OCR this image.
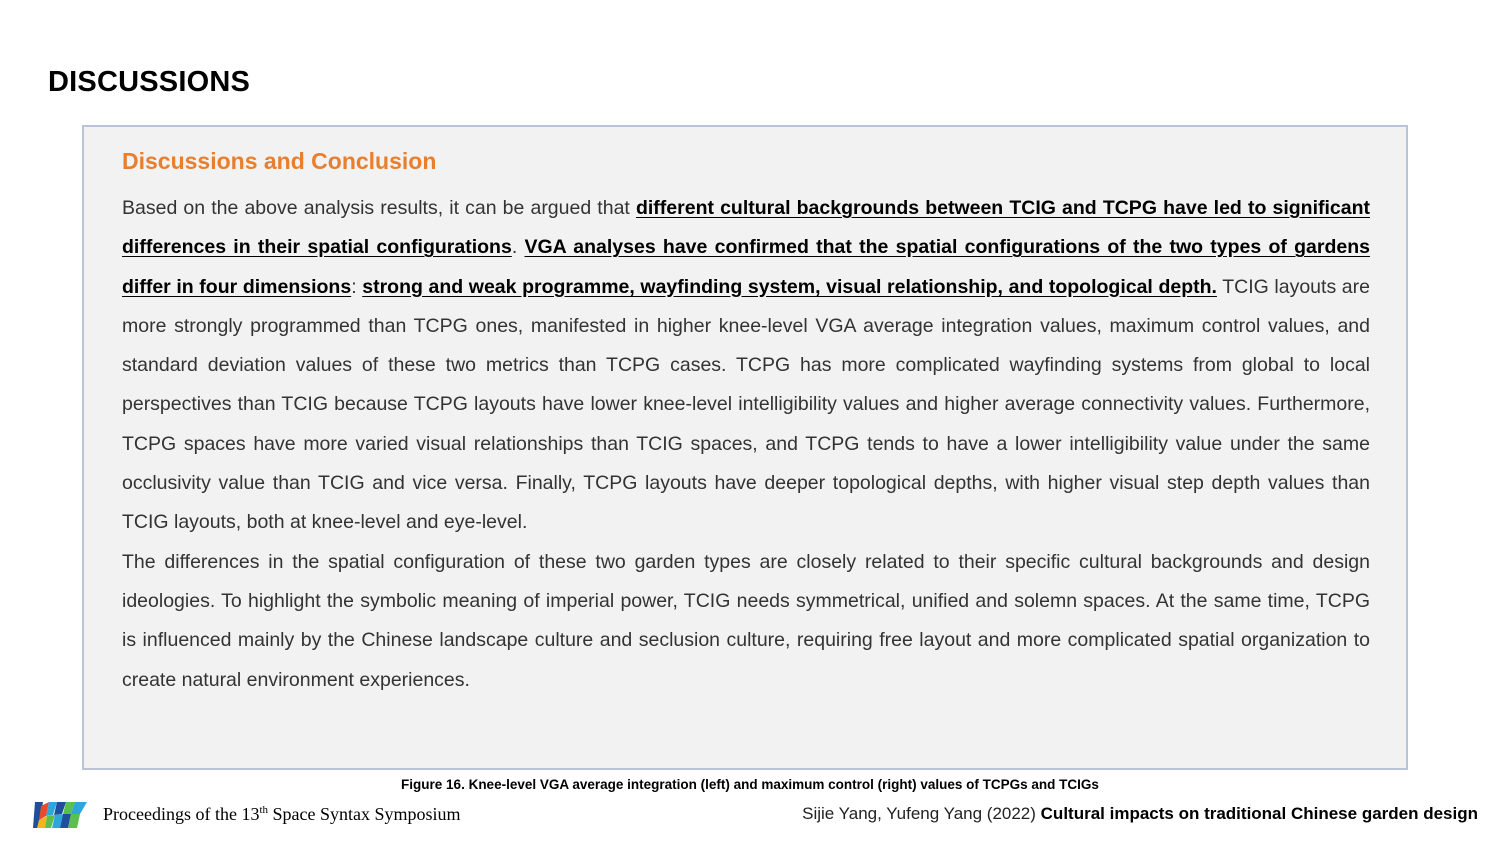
DISCUSSIONS
Discussions and Conclusion

Based on the above analysis results, it can be argued that different cultural backgrounds between TCIG and TCPG have led to significant differences in their spatial configurations. VGA analyses have confirmed that the spatial configurations of the two types of gardens differ in four dimensions: strong and weak programme, wayfinding system, visual relationship, and topological depth. TCIG layouts are more strongly programmed than TCPG ones, manifested in higher knee-level VGA average integration values, maximum control values, and standard deviation values of these two metrics than TCPG cases. TCPG has more complicated wayfinding systems from global to local perspectives than TCIG because TCPG layouts have lower knee-level intelligibility values and higher average connectivity values. Furthermore, TCPG spaces have more varied visual relationships than TCIG spaces, and TCPG tends to have a lower intelligibility value under the same occlusivity value than TCIG and vice versa. Finally, TCPG layouts have deeper topological depths, with higher visual step depth values than TCIG layouts, both at knee-level and eye-level.

The differences in the spatial configuration of these two garden types are closely related to their specific cultural backgrounds and design ideologies. To highlight the symbolic meaning of imperial power, TCIG needs symmetrical, unified and solemn spaces. At the same time, TCPG is influenced mainly by the Chinese landscape culture and seclusion culture, requiring free layout and more complicated spatial organization to create natural environment experiences.

Figure 16. Knee-level VGA average integration (left) and maximum control (right) values of TCPGs and TCIGs
Proceedings of the 13th Space Syntax Symposium	Sijie Yang, Yufeng Yang (2022) Cultural impacts on traditional Chinese garden design
